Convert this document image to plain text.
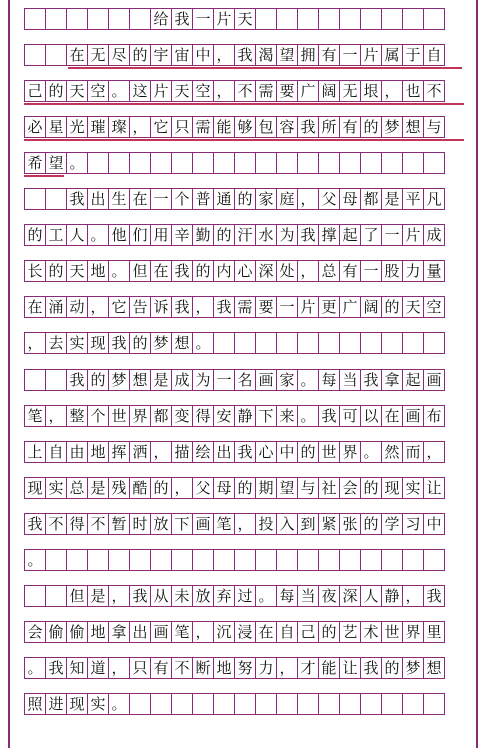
给 我 一 片 天
在 无 尽 的 宇 宙 中 ， 我 渴 望 拥 有 一 片 属 于 自
己 的 天 空 。 这 片 天 空 ， 不 需 要 广 阔 无 垠 ， 也 不
必 星 光 璀 璨 ， 它 只 需 能 够 包 容 我 所 有 的 梦 想 与
希 望 。
我 出 生 在 一 个 普 通 的 家 庭 ， 父 母 都 是 平 凡
的 工 人 。 他 们 用 辛 勤 的 汗 水 为 我 撑 起 了 一 片 成
长 的 天 地 。 但 在 我 的 内 心 深 处 ， 总 有 一 股 力 量
在 涌 动 ， 它 告 诉 我 ， 我 需 要 一 片 更 广 阔 的 天 空
， 去 实 现 我 的 梦 想 。
我 的 梦 想 是 成 为 一 名 画 家 。 每 当 我 拿 起 画
笔 ， 整 个 世 界 都 变 得 安 静 下 来 。 我 可 以 在 画 布
上 自 由 地 挥 洒 ， 描 绘 出 我 心 中 的 世 界 。 然 而 ，
现 实 总 是 残 酷 的 ， 父 母 的 期 望 与 社 会 的 现 实 让
我 不 得 不 暂 时 放 下 画 笔 ， 投 入 到 紧 张 的 学 习 中
。
但 是 ， 我 从 未 放 弃 过 。 每 当 夜 深 人 静 ， 我
会 偷 偷 地 拿 出 画 笔 ， 沉 浸 在 自 己 的 艺 术 世 界 里
。 我 知 道 ， 只 有 不 断 地 努 力 ， 才 能 让 我 的 梦 想
照 进 现 实 。
